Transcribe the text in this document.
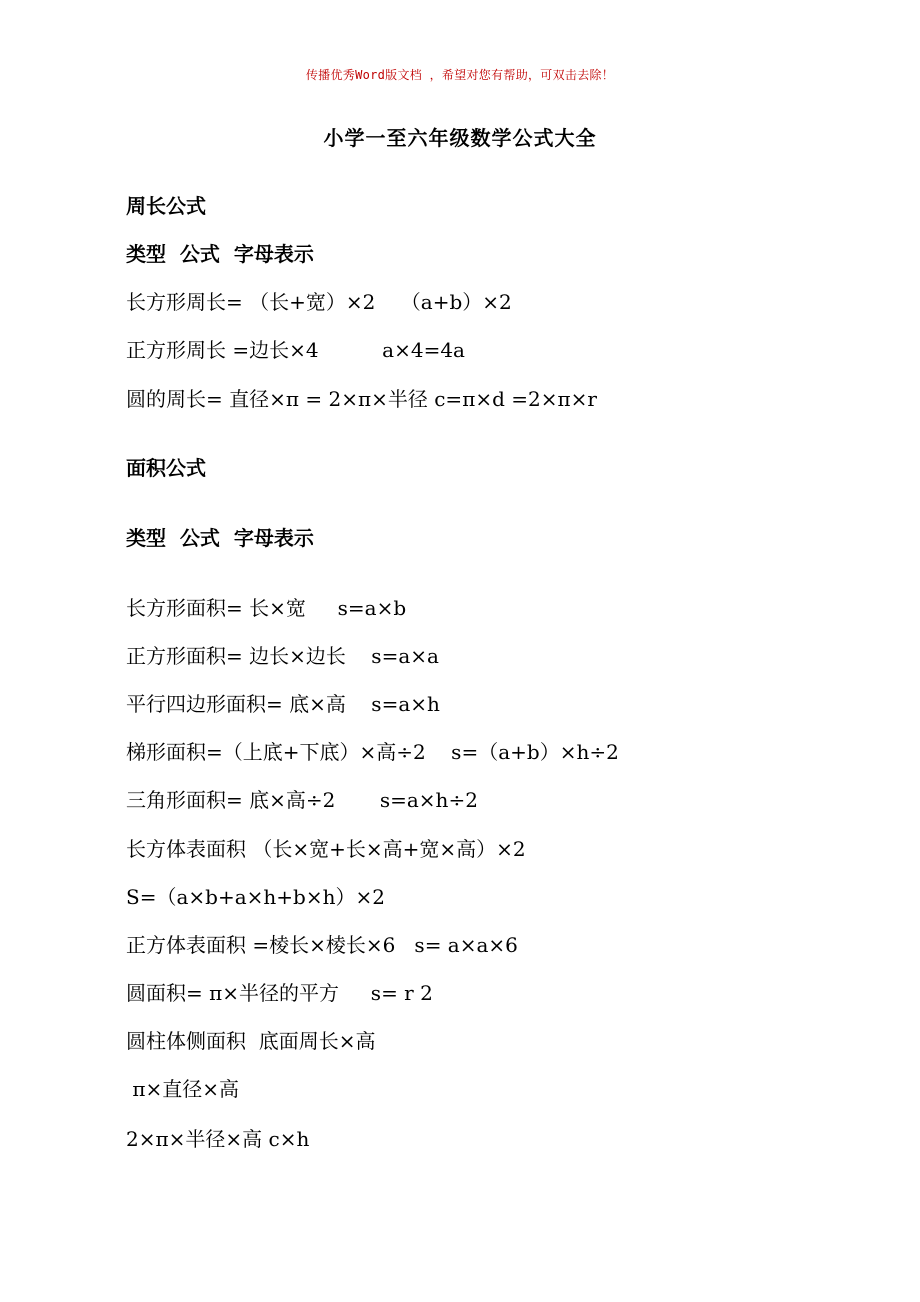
传播优秀Word版文档 ，希望对您有帮助，可双击去除！
小学一至六年级数学公式大全
周长公式
类型  公式  字母表示
长方形周长= （长+宽）×2    （a+b）×2
正方形周长 =边长×4          a×4=4a
圆的周长= 直径×π = 2×π×半径 c=π×d =2×π×r
面积公式
类型  公式  字母表示
长方形面积= 长×宽     s=a×b
正方形面积= 边长×边长    s=a×a
平行四边形面积= 底×高    s=a×h
梯形面积=（上底+下底）×高÷2    s=（a+b）×h÷2
三角形面积= 底×高÷2       s=a×h÷2
长方体表面积 （长×宽+长×高+宽×高）×2
S=（a×b+a×h+b×h）×2
正方体表面积 =棱长×棱长×6   s= a×a×6
圆面积= π×半径的平方     s= r 2
圆柱体侧面积  底面周长×高
π×直径×高
2×π×半径×高 c×h
